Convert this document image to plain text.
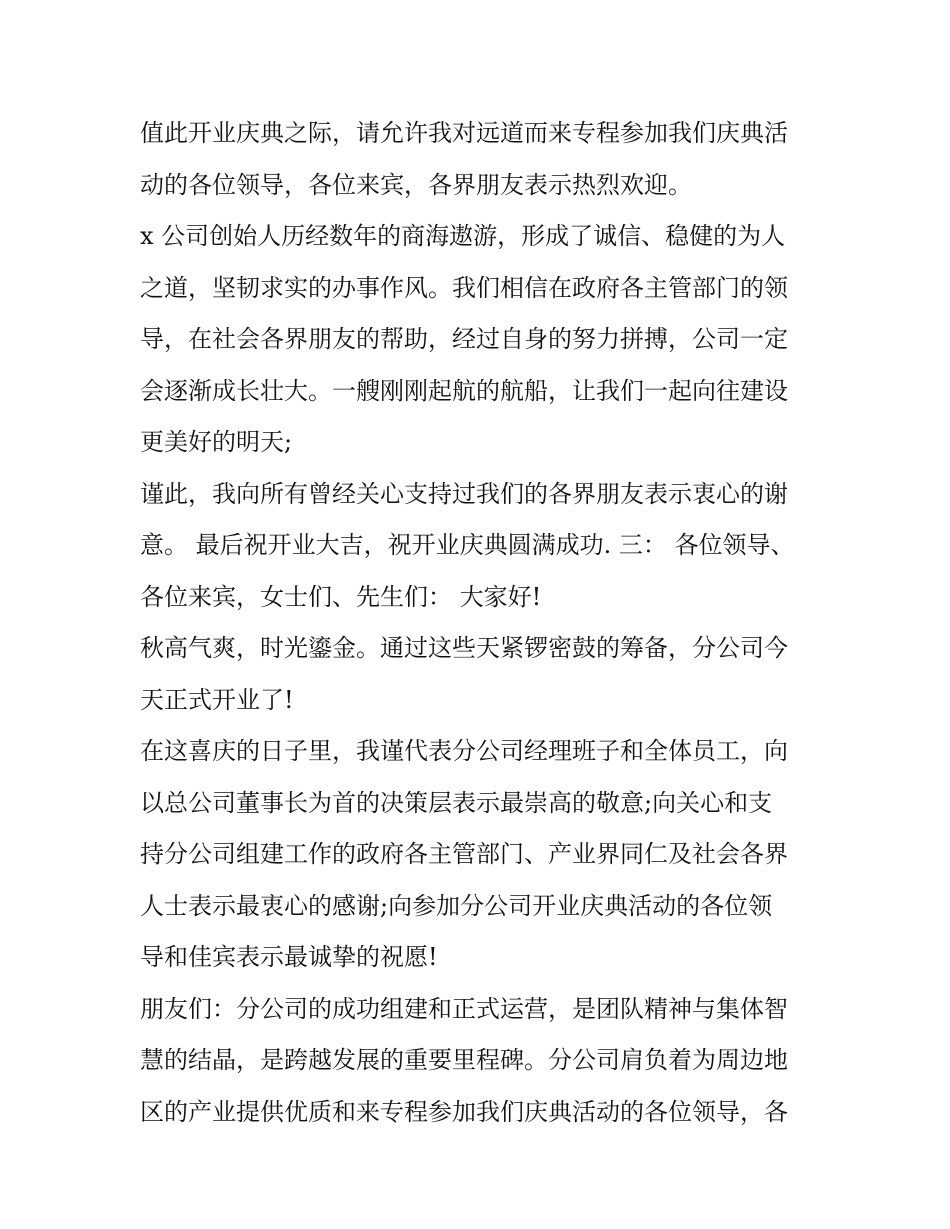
值此开业庆典之际，请允许我对远道而来专程参加我们庆典活
动的各位领导，各位来宾，各界朋友表示热烈欢迎。
x 公司创始人历经数年的商海遨游，形成了诚信、稳健的为人
之道，坚韧求实的办事作风。我们相信在政府各主管部门的领
导，在社会各界朋友的帮助，经过自身的努力拼搏，公司一定
会逐渐成长壮大。一艘刚刚起航的航船，让我们一起向往建设
更美好的明天;
谨此，我向所有曾经关心支持过我们的各界朋友表示衷心的谢
意。 最后祝开业大吉，祝开业庆典圆满成功. 三： 各位领导、
各位来宾，女士们、先生们： 大家好!
秋高气爽，时光鎏金。通过这些天紧锣密鼓的筹备，分公司今
天正式开业了!
在这喜庆的日子里，我谨代表分公司经理班子和全体员工，向
以总公司董事长为首的决策层表示最崇高的敬意;向关心和支
持分公司组建工作的政府各主管部门、产业界同仁及社会各界
人士表示最衷心的感谢;向参加分公司开业庆典活动的各位领
导和佳宾表示最诚挚的祝愿!
朋友们：分公司的成功组建和正式运营，是团队精神与集体智
慧的结晶，是跨越发展的重要里程碑。分公司肩负着为周边地
区的产业提供优质和来专程参加我们庆典活动的各位领导，各
